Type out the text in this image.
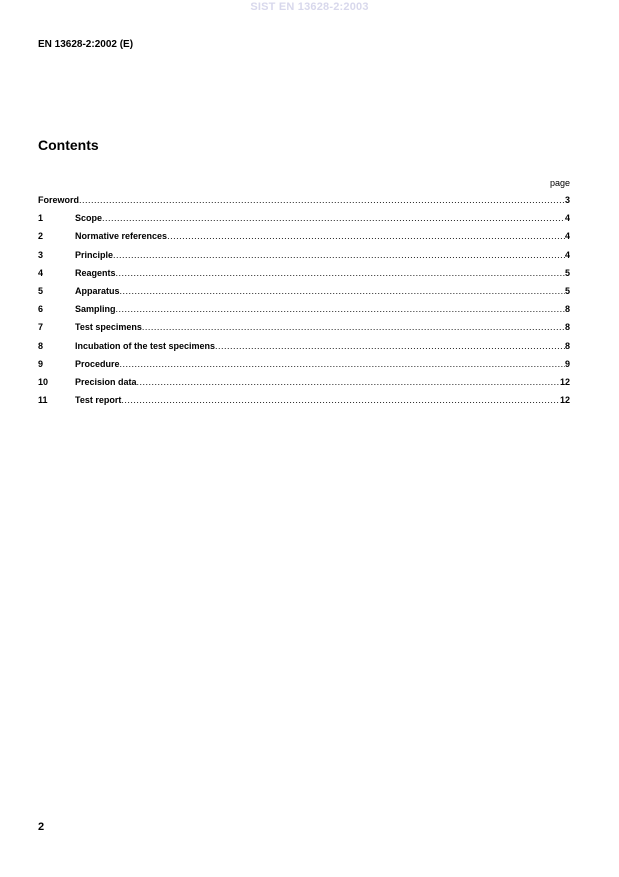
SIST EN 13628-2:2003
EN 13628-2:2002 (E)
Contents
page
Foreword .....	3
1	Scope .....	4
2	Normative references .....	4
3	Principle .....	4
4	Reagents .....	5
5	Apparatus .....	5
6	Sampling .....	8
7	Test specimens .....	8
8	Incubation of the test specimens .....	8
9	Procedure .....	9
10	Precision data .....	12
11	Test report .....	12
2
